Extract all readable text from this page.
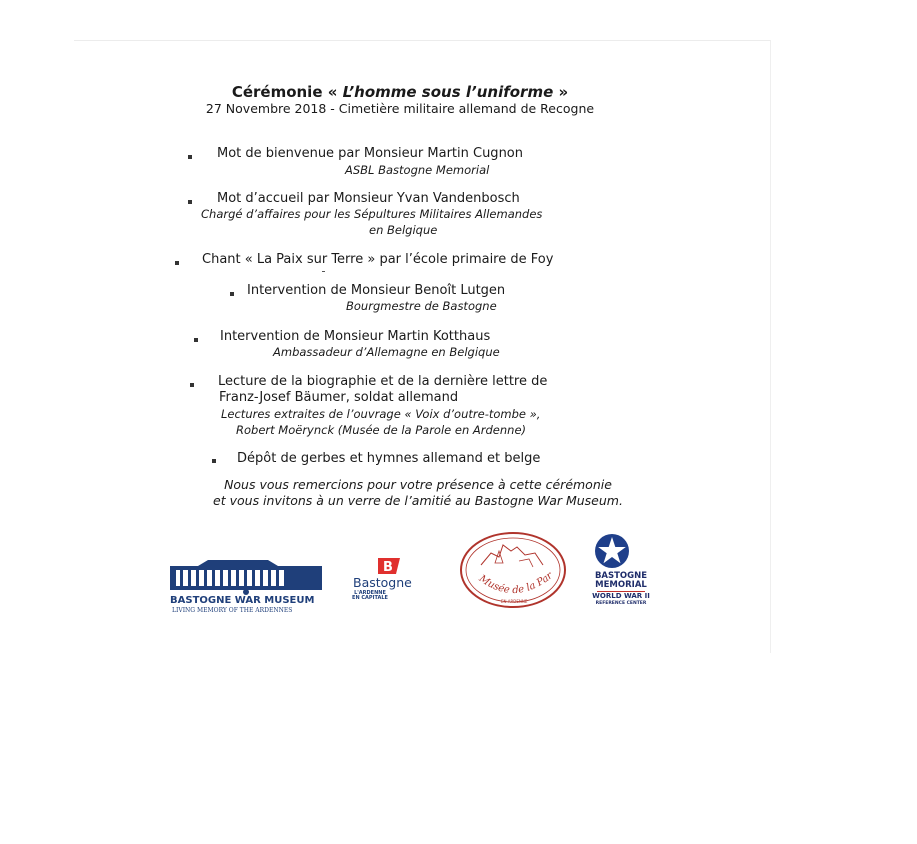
Cérémonie « L’homme sous l’uniforme »
27 Novembre 2018 - Cimetière militaire allemand de Recogne
Mot de bienvenue par Monsieur Martin Cugnon
ASBL Bastogne Memorial
Mot d’accueil par Monsieur Yvan Vandenbosch
Chargé d’affaires pour les Sépultures Militaires Allemandes
en Belgique
Chant « La Paix sur Terre » par l’école primaire de Foy
Intervention de Monsieur Benoît Lutgen
Bourgmestre de Bastogne
Intervention de Monsieur Martin Kotthaus
Ambassadeur d’Allemagne en Belgique
Lecture de la biographie et de la dernière lettre de
Franz-Josef Bäumer, soldat allemand
Lectures extraites de l’ouvrage « Voix d’outre-tombe »,
Robert Moërynck (Musée de la Parole en Ardenne)
Dépôt de gerbes et hymnes allemand et belge
Nous vous remercions pour votre présence à cette cérémonie
et vous invitons à un verre de l’amitié au Bastogne War Museum.
BASTOGNE WAR MUSEUM
LIVING MEMORY OF THE ARDENNES
B
Bastogne
L'ARDENNE
EN CAPITALE
Musée de la Par
EN ARDENNE
BASTOGNE
MEMORIAL
WORLD WAR II
REFERENCE CENTER
